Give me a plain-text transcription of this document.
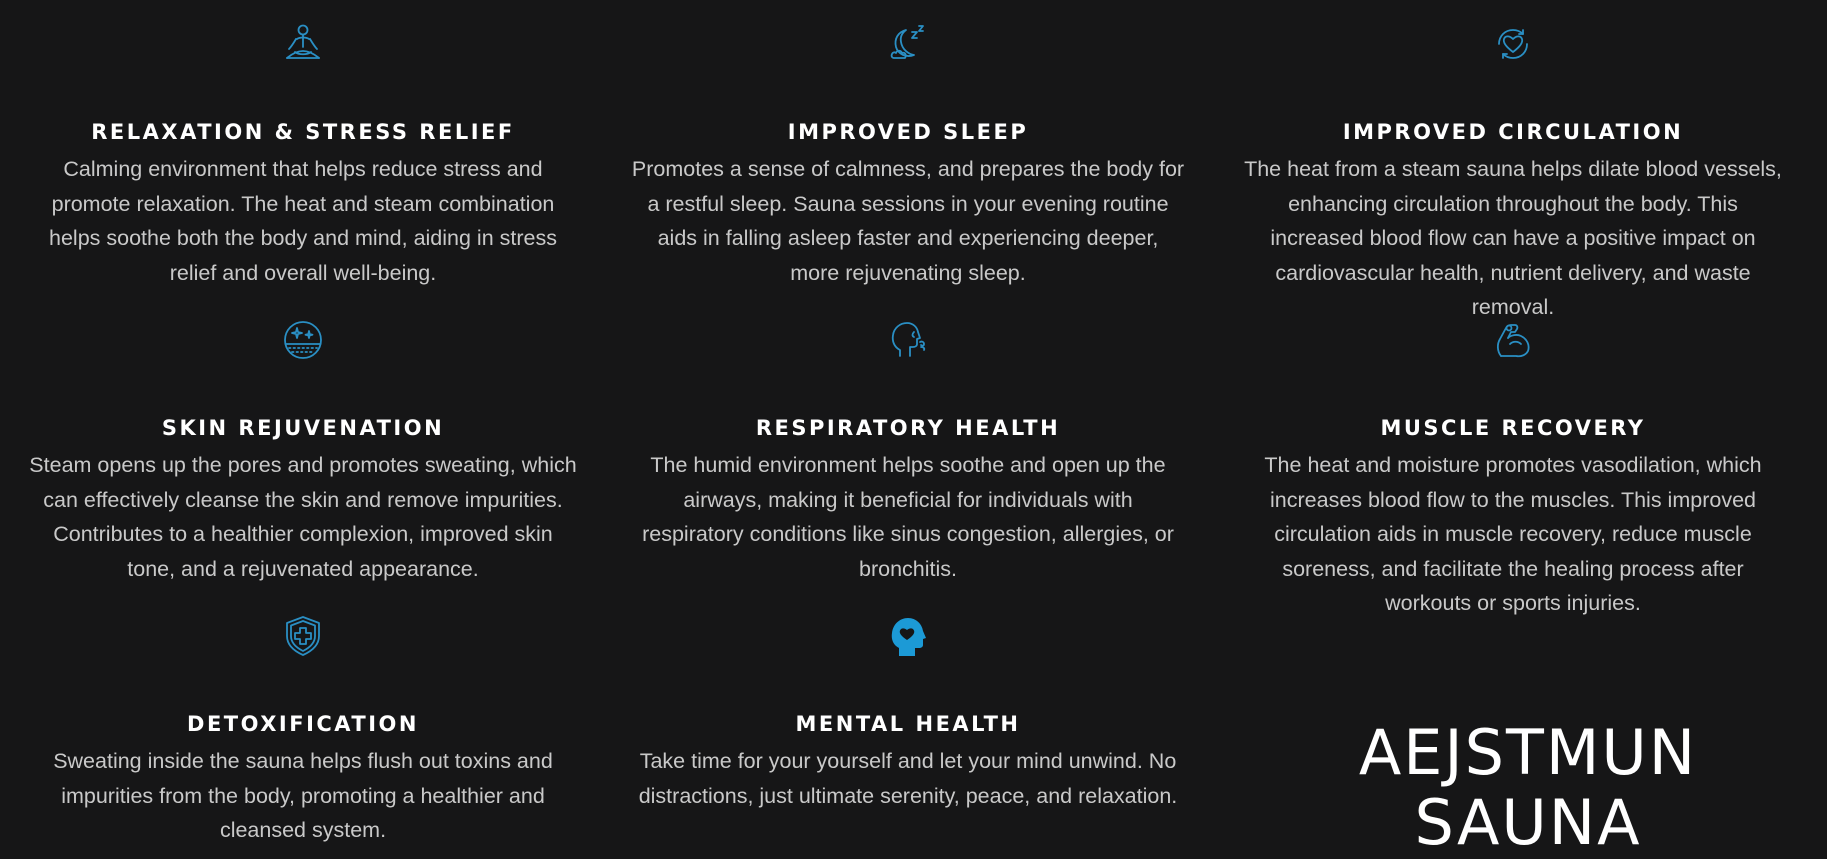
RELAXATION & STRESS RELIEF
Calming environment that helps reduce stress and
promote relaxation. The heat and steam combination
helps soothe both the body and mind, aiding in stress
relief and overall well-being.
IMPROVED SLEEP
Promotes a sense of calmness, and prepares the body for
a restful sleep. Sauna sessions in your evening routine
aids in falling asleep faster and experiencing deeper,
more rejuvenating sleep.
IMPROVED CIRCULATION
The heat from a steam sauna helps dilate blood vessels,
enhancing circulation throughout the body. This
increased blood flow can have a positive impact on
cardiovascular health, nutrient delivery, and waste
removal.
SKIN REJUVENATION
Steam opens up the pores and promotes sweating, which
can effectively cleanse the skin and remove impurities.
Contributes to a healthier complexion, improved skin
tone, and a rejuvenated appearance.
RESPIRATORY HEALTH
The humid environment helps soothe and open up the
airways, making it beneficial for individuals with
respiratory conditions like sinus congestion, allergies, or
bronchitis.
MUSCLE RECOVERY
The heat and moisture promotes vasodilation, which
increases blood flow to the muscles. This improved
circulation aids in muscle recovery, reduce muscle
soreness, and facilitate the healing process after
workouts or sports injuries.
DETOXIFICATION
Sweating inside the sauna helps flush out toxins and
impurities from the body, promoting a healthier and
cleansed system.
MENTAL HEALTH
Take time for your yourself and let your mind unwind. No
distractions, just ultimate serenity, peace, and relaxation.
AEJSTMUN SAUNA
